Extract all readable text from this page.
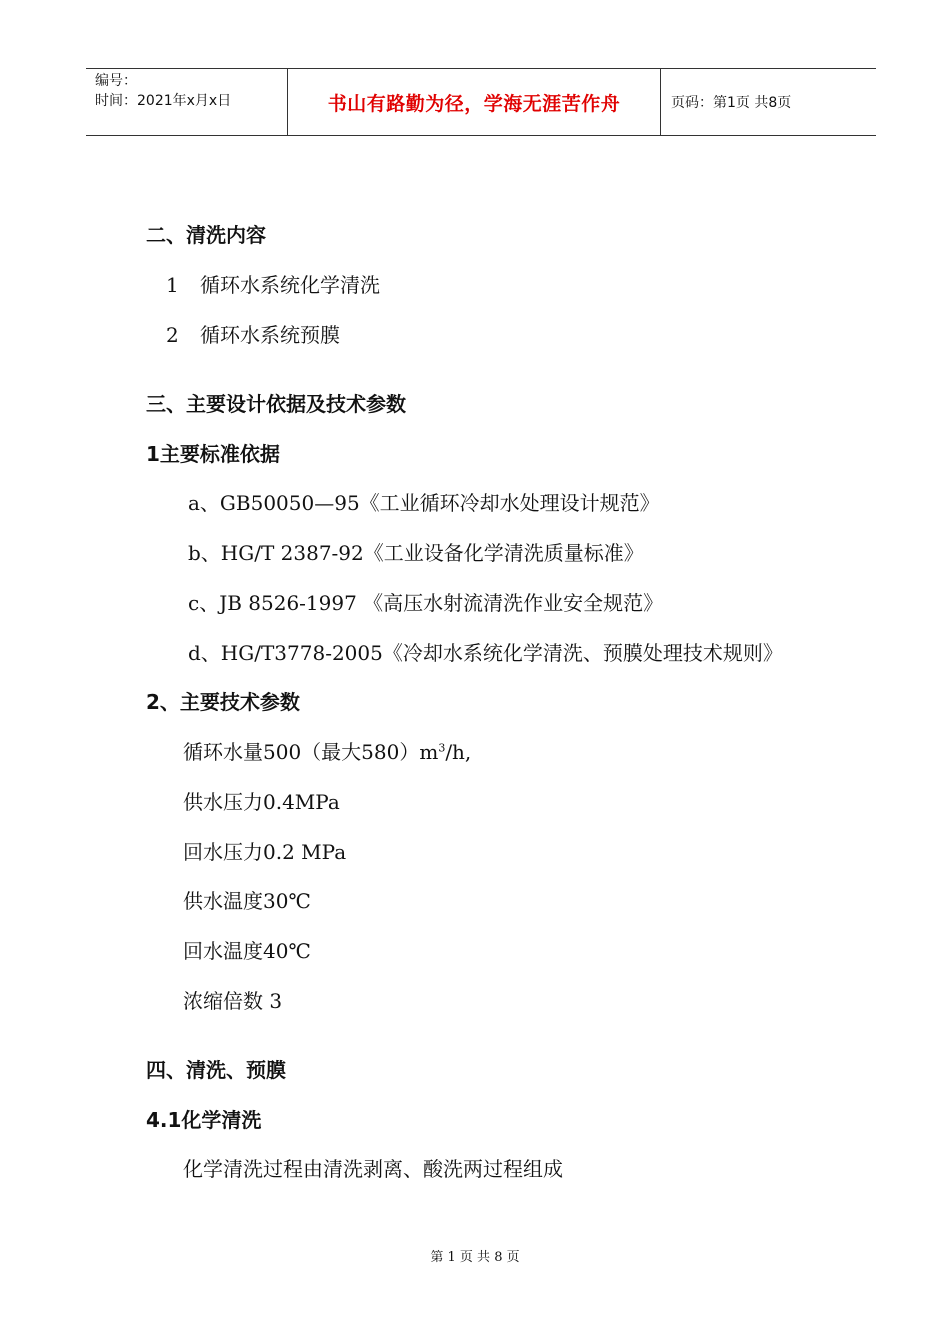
编号：
时间：2021年x月x日	书山有路勤为径，学海无涯苦作舟	页码：第1页 共8页
二、清洗内容
1 循环水系统化学清洗
2 循环水系统预膜
三、主要设计依据及技术参数
1主要标准依据
a、GB50050—95《工业循环冷却水处理设计规范》
b、HG/T 2387-92《工业设备化学清洗质量标准》
c、JB 8526-1997 《高压水射流清洗作业安全规范》
d、HG/T3778-2005《冷却水系统化学清洗、预膜处理技术规则》
2、主要技术参数
循环水量500（最大$580)m^3/h$,
供水压力0.4MPa
回水压力0.2 MPa
供水温度30℃
回水温度40℃
浓缩倍数 3
四、清洗、预膜
4.1化学清洗
化学清洗过程由清洗剥离、酸洗两过程组成
第 1 页 共 8 页
